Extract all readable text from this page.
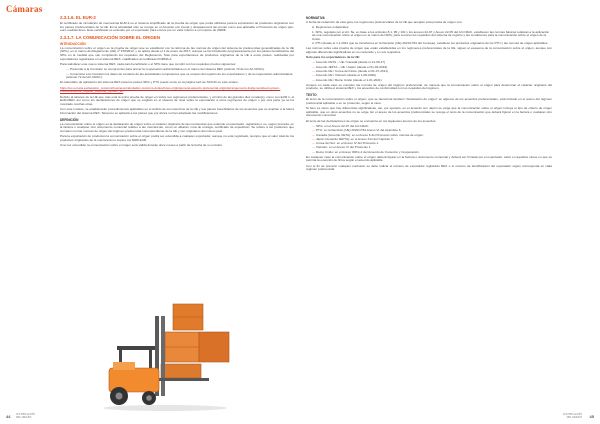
Cámaras
2.3.1.6. EL EUR-2

El certificado de circulación de mercancías EUR-2 es el sistema simplificado de la prueba de origen que podía utilizarse para la exportación de productos originarios con los países preferenciales de la UE. En la actualidad sólo se recoge en el Acuerdo con Ceuta y desaparecerá tan pronto como sea aplicable el Protocolo de origen pan-euro-mediterráneo. Este certificado se extiende por el exportador para envíos por un valor inferior a un importe de 2000€.

2.3.1.7. LA COMUNICACIÓN SOBRE EL ORIGEN
INTRODUCCIÓN

La comunicación sobre el origen es la prueba de origen que se estableció con la reforma de las normas de origen del sistema de preferencias generalizadas de la UE (SPG), en el marco del Reglamento (UE) nº 978/2012, y se aplica desde el 1 de enero de 2017, aunque se ha introducido progresivamente por los países beneficiarios del SPG en la medida que van cumpliendo los requisitos del Reglamento. Solo para exportaciones de productos originarios de la UE a estos países, realizadas por exportadores registrados en el sistema REX, cualificados al certificado FORMA A.

Para satisfacer este nuevo sistema REX, cada país beneficiario o el SPG tiene que cumplir con los requisitos previos siguientes:

— Presentar a la Comisión su compromiso para prever la cooperación administrativa en el marco del sistema REX (artículo 70 de los Art.CRAC).
— Comunicar a la Comisión los datos de contacto de las autoridades competentes que se ocupan del registro de los exportadores y de la cooperación administrativa (artículo 72 del Art.CRAC).

El calendario de aplicación del sistema REX para los países SPG y PTU puede verse en la página web de TAXUD en este enlace:

https://ec.europa.eu/taxation_customs/business/calculation-customs-duties/rules-origin/general-aspects-preferential-origin/arrangements-list/generalised-system-preferences/the_register_exporter_system_en

Debido al alcance de la UE que más eval la única prueba de origen en todos sus regímenes preferenciales, y al inicio de las grandes diez rondas(s), como con EUR.1, el EUR-MED, así como los declaraciones de origen que se exigirán en el sistema de nivel sobre la exportación a otros regímenes de origen o por otra parte ya se ha mostrado muchas otras.

Con este modelo, se establecerán procedimientos aplicables en el ámbito de los miembros de la UE y sus países beneficiarios de los acuerdos que se amplíen a la futura información del sistema REX. Tampoco se aplicará a los países que por ahora no han adoptado las modificaciones.

DEFINICIÓN

La comunicación sobre el origen es la declaración de origen sobre el carácter originario de las mercancías que extiende el exportador, registrado o no, según proceda, en la factura o cualquier otro documento comercial relativo a las mercancías, como un albarán, nota de entrega, certificado de expedición. Se refiere a los productos que cumplen con las normas de origen del régimen preferencial correspondiente de la UE y son originarios del mismo país.

Para la exportación de productos la comunicación sobre el origen podrá ser extendida a cualquier exportador, aunque no esté registrado, siempre que el valor total de los productos originarios de la mercancía no supere los 6000 EUR.

Una vez extendida, la comunicación sobre el origen será válida durante doce meses a partir de la fecha de su emisión.

NORMATIVA

A fecha de redacción de esta guía, los regímenes preferenciales de la UE que aceptan esta prueba de origen son:

A. Regímenes unilaterales:
1. SPG, regulado por el Art. 8a, en base a los artículos 8.1, 95 y 101 y los anexos 22-07 y Anexo 22-05 del Art.CRAC, establecen las normas básicas relativas a la aplicación de una comunicación sobre el origen en el marco del SPG, para conocer los requisitos del sistema de registro y las condiciones para la comunicación sobre el origen de la Unión.
2. PTU (desde el 1.1.2021 que se transforma en la Decisión (UE) 2021/1764 del Consejo), establece los productos originarios de los PTU y las normas de origen aplicables.

Las normas sobre esta prueba de origen que están establecidas en los regímenes preferenciales de la UE, siguen el esquema de la comunicación sobre el origen, aunque con algunas diferencias significativas en su contenido y en sus requisitos.

Solo para los exportadores de la UE:

— Acuerdo CETA – UE / Canadá (desde el 21-09-17)
— Acuerdo JEFTA – UE / Japón (desde el 01-02-2019)
— Acuerdo UE / Corea del Norte (desde el 01-07-2011)
— Acuerdo UE / Vietnam (desde el 1-08-2020)
— Acuerdo UE / Reino Unido (desde el 1-01-2021)

Aunque en cada caso se cumplen las normas de origen del régimen preferencial, de manera que la comunicación sobre el origen para determinar el carácter originario del producto, se utiliza el sistema REX y los acuerdos de conformidad con los requisitos del régimen.

TEXTO

El texto de la comunicación sobre el origen, que se denomina también "declaración de origen" en algunos de los acuerdos preferenciales, está incluido en el anexo del régimen preferencial aplicable o en su protocolo, según el caso.

Si bien es cierto que hay diferencias significativas, así, por ejemplo, en el acuerdo con Japón se exige que la comunicación sobre el origen incluya el tipo de criterio de origen aplicable, que en otros acuerdos no se exige. En el anexo de los acuerdos preferenciales se recoge el texto de la comunicación que deberá figurar en la factura o cualquier otro documento comercial.

El texto de las declaraciones de origen se encuentra en los siguientes anexos de los acuerdos:

— SPG: en el Anexo 22-07 del Art.CRAC.
— PTU: en la Decisión (UE) 2021/1764 Anexo VI del Apéndice 6.
— Canadá (Acuerdo CETA): en el Anexo 6 del Protocolo sobre normas de origen.
— Japón (Acuerdo JEFTA): en el Anexo 3-D del Capítulo 3.
— Corea del Sur: en el Anexo IV del Protocolo 1.
— Vietnam: en el Anexo VI del Protocolo 1.
— Reino Unido: en el Anexo ORIG-4 del Acuerdo de Comercio y Cooperación.

En cualquier caso la comunicación sobre el origen deberá figurar en la factura o documento comercial y deberá ser firmada por el exportador, salvo en aquellos casos en que se permita la exención de firma según el acuerdo aplicable.

Con el fin de prevenir cualquier confusión se debe indicar el número de exportador registrado REX o el número de identificación del exportador según corresponda en cada régimen preferencial.

44 JUSTIFICACIÓN
DEL ORIGEN
JUSTIFICACIÓN
DEL ORIGEN 45
